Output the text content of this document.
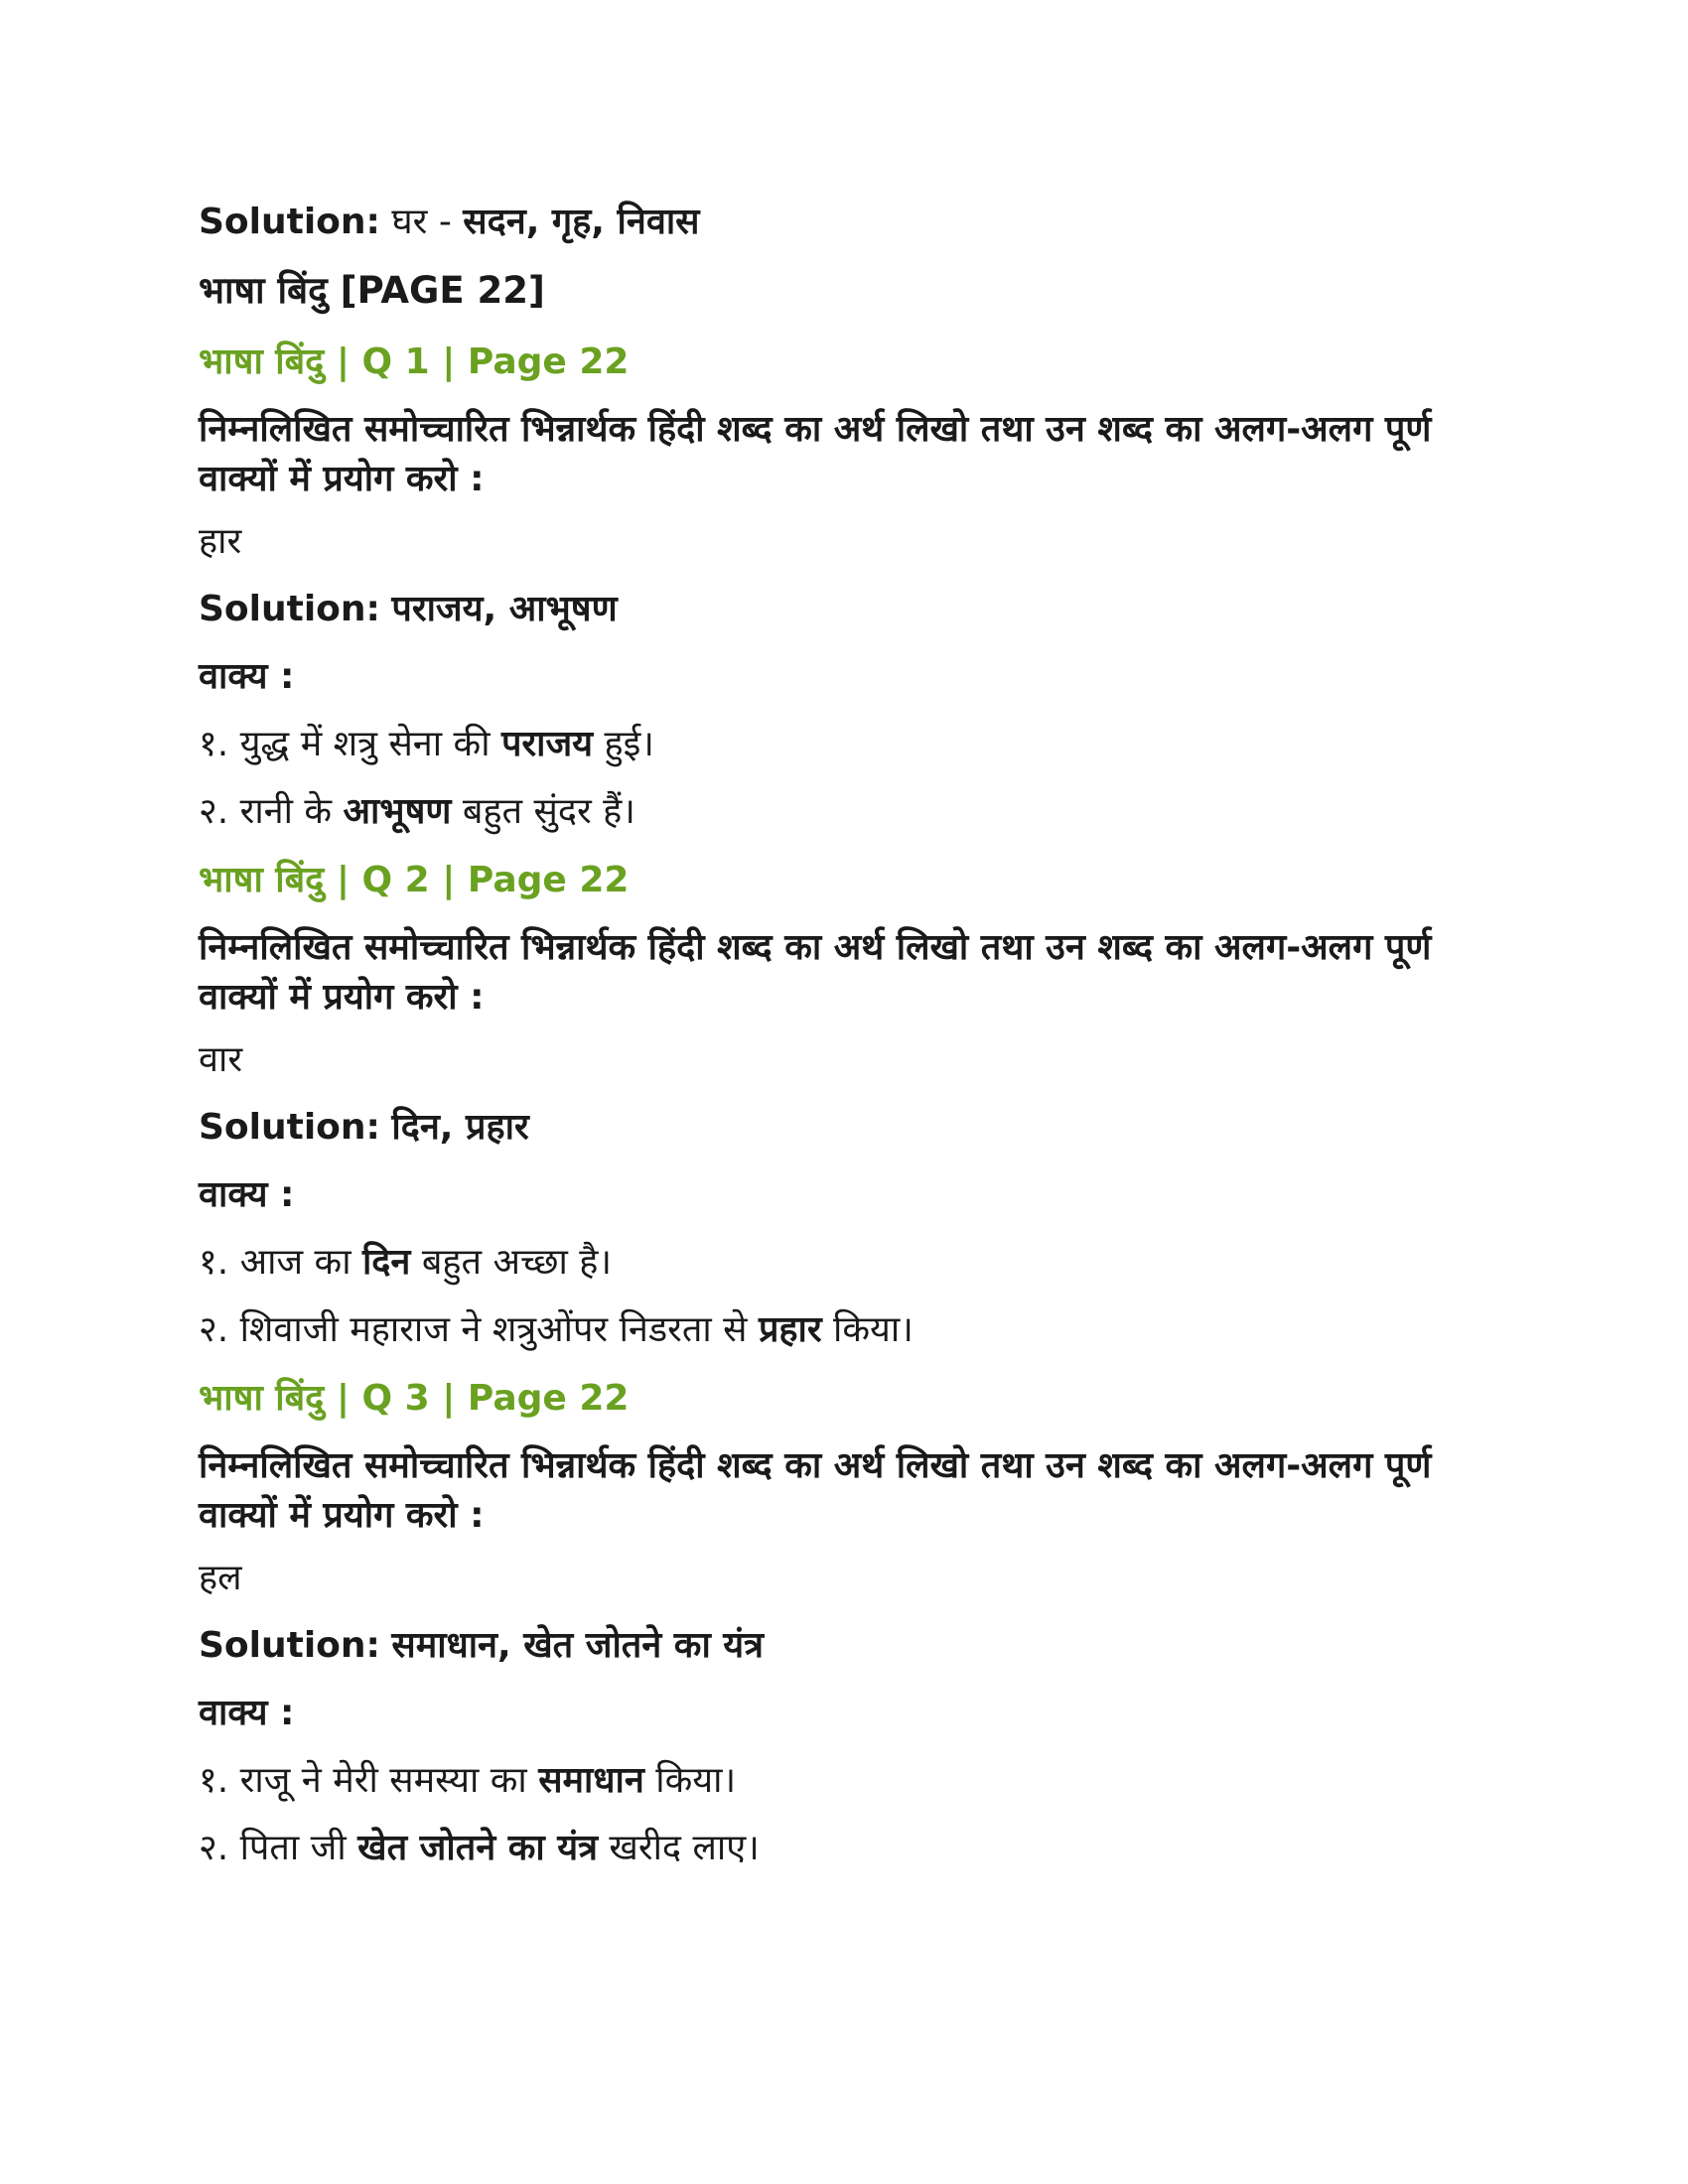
Solution: घर - सदन, गृह, निवास
भाषा बिंदु [PAGE 22]
भाषा बिंदु | Q 1 | Page 22
निम्नलिखित समोच्चारित भिन्नार्थक हिंदी शब्द का अर्थ लिखो तथा उन शब्द का अलग-अलग पूर्ण वाक्यों में प्रयोग कराे :
हार
Solution: पराजय, आभूषण
वाक्य :
१. युद्ध में शत्रु सेना की पराजय हुई।
२. रानी के आभूषण बहुत सुंदर हैं।
भाषा बिंदु | Q 2 | Page 22
निम्नलिखित समोच्चारित भिन्नार्थक हिंदी शब्द का अर्थ लिखो तथा उन शब्द का अलग-अलग पूर्ण वाक्यों में प्रयोग कराे :
वार
Solution: दिन, प्रहार
वाक्य :
१. आज का दिन बहुत अच्छा है।
२. शिवाजी महाराज ने शत्रुओंपर निडरता से प्रहार किया।
भाषा बिंदु | Q 3 | Page 22
निम्नलिखित समोच्चारित भिन्नार्थक हिंदी शब्द का अर्थ लिखो तथा उन शब्द का अलग-अलग पूर्ण वाक्यों में प्रयोग कराे :
हल
Solution: समाधान, खेत जोतने का यंत्र
वाक्य :
१. राजू ने मेरी समस्या का समाधान किया।
२. पिता जी खेत जोतने का यंत्र खरीद लाए।
